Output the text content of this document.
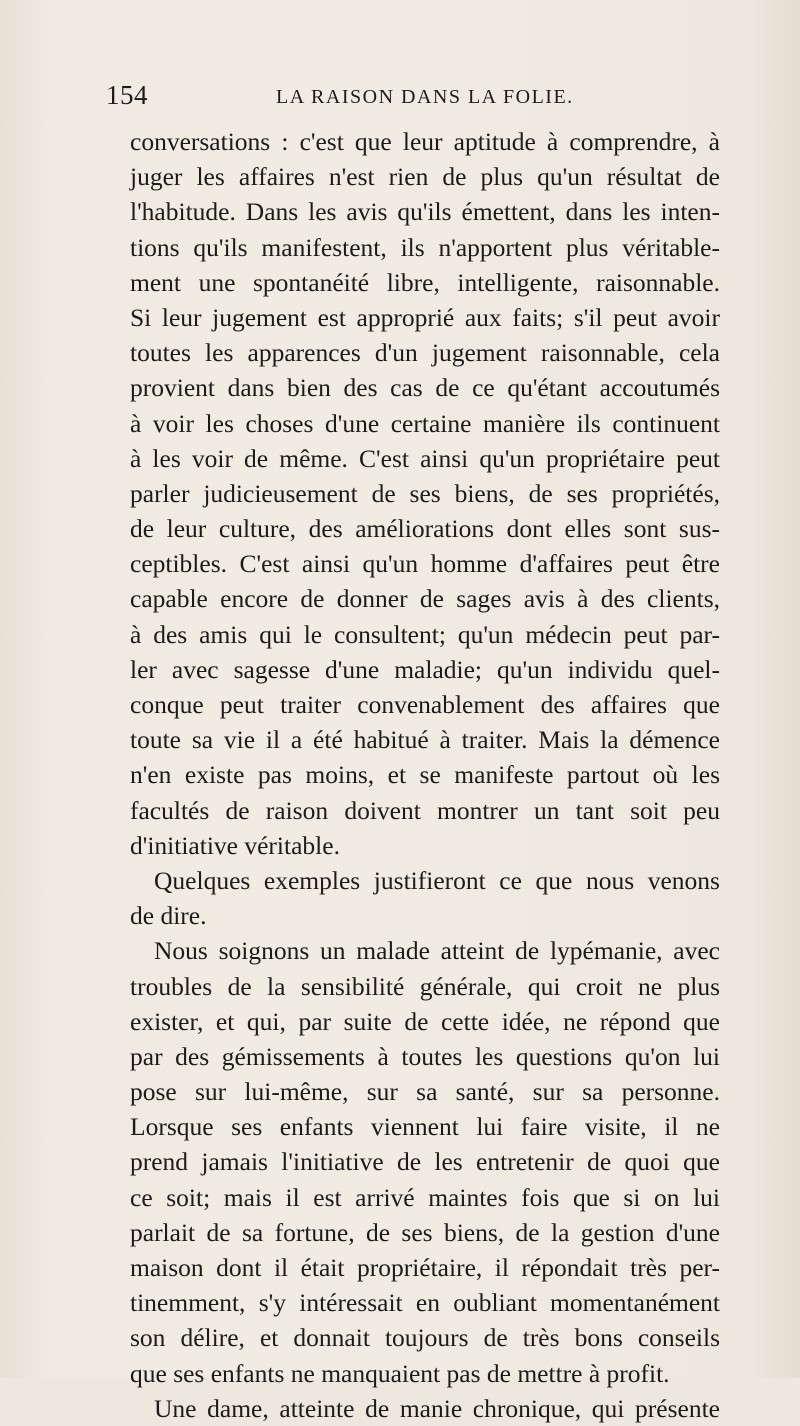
154	LA RAISON DANS LA FOLIE.
conversations : c'est que leur aptitude à comprendre, à
juger les affaires n'est rien de plus qu'un résultat de
l'habitude. Dans les avis qu'ils émettent, dans les inten-
tions qu'ils manifestent, ils n'apportent plus véritable-
ment une spontanéité libre, intelligente, raisonnable.
Si leur jugement est approprié aux faits; s'il peut avoir
toutes les apparences d'un jugement raisonnable, cela
provient dans bien des cas de ce qu'étant accoutumés
à voir les choses d'une certaine manière ils continuent
à les voir de même. C'est ainsi qu'un propriétaire peut
parler judicieusement de ses biens, de ses propriétés,
de leur culture, des améliorations dont elles sont sus-
ceptibles. C'est ainsi qu'un homme d'affaires peut être
capable encore de donner de sages avis à des clients,
à des amis qui le consultent; qu'un médecin peut par-
ler avec sagesse d'une maladie; qu'un individu quel-
conque peut traiter convenablement des affaires que
toute sa vie il a été habitué à traiter. Mais la démence
n'en existe pas moins, et se manifeste partout où les
facultés de raison doivent montrer un tant soit peu
d'initiative véritable.
Quelques exemples justifieront ce que nous venons
de dire.
Nous soignons un malade atteint de lypémanie, avec
troubles de la sensibilité générale, qui croit ne plus
exister, et qui, par suite de cette idée, ne répond que
par des gémissements à toutes les questions qu'on lui
pose sur lui-même, sur sa santé, sur sa personne.
Lorsque ses enfants viennent lui faire visite, il ne
prend jamais l'initiative de les entretenir de quoi que
ce soit; mais il est arrivé maintes fois que si on lui
parlait de sa fortune, de ses biens, de la gestion d'une
maison dont il était propriétaire, il répondait très per-
tinemment, s'y intéressait en oubliant momentanément
son délire, et donnait toujours de très bons conseils
que ses enfants ne manquaient pas de mettre à profit.
Une dame, atteinte de manie chronique, qui présente
